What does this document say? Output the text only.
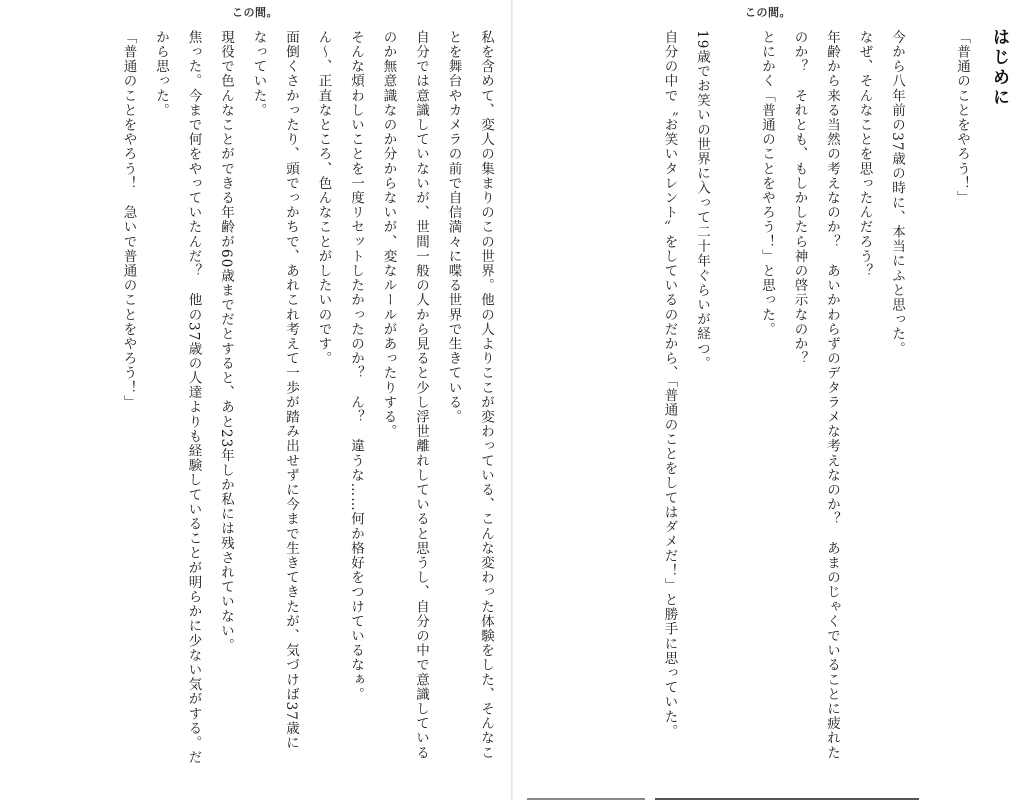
この間。

私を含めて、変人の集まりのこの世界。他の人よりここが変わっている、こんな変わった体験をした、そんなこ

とを舞台やカメラの前で自信満々に喋る世界で生きている。

自分では意識していないが、世間一般の人から見ると少し浮世離れしていると思うし、自分の中で意識している

のか無意識なのか分からないが、変なルールがあったりする。

そんな煩わしいことを一度リセットしたかったのか？　ん？　違うな……何か格好をつけているなぁ。

ん～、正直なところ、色んなことがしたいのです。

面倒くさかったり、頭でっかちで、あれこれ考えて一歩が踏み出せずに今まで生きてきたが、気づけば37歳に

なっていた。

現役で色んなことができる年齢が60歳までだとすると、あと23年しか私には残されていない。

焦った。今まで何をやっていたんだ？　他の37歳の人達よりも経験していることが明らかに少ない気がする。だ

から思った。

「普通のことをやろう！　急いで普通のことをやろう！」

この間。
はじめに

「普通のことをやろう！」

今から八年前の37歳の時に、本当にふと思った。

なぜ、そんなことを思ったんだろう？

年齢から来る当然の考えなのか？　あいかわらずのデタラメな考えなのか？　あまのじゃくでいることに疲れた

のか？　それとも、もしかしたら神の啓示なのか？

とにかく「普通のことをやろう！」と思った。

19歳でお笑いの世界に入って二十年ぐらいが経つ。

自分の中で〝お笑いタレント〟をしているのだから、「普通のことをしてはダメだ！」と勝手に思っていた。
